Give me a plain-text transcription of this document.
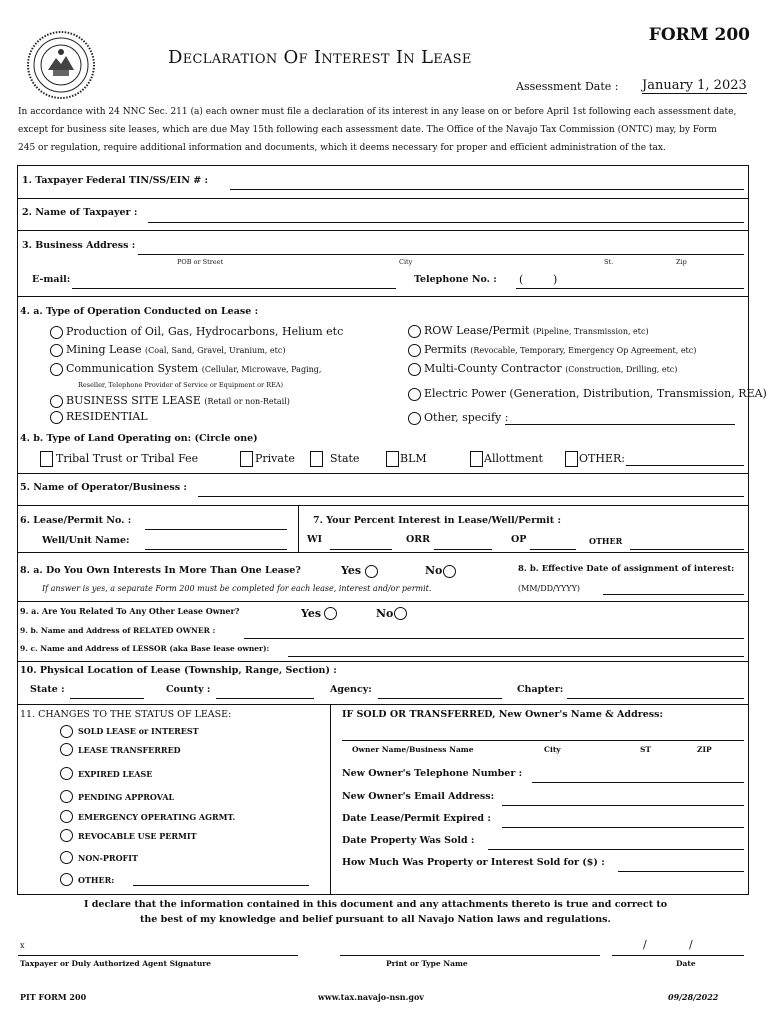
FORM 200
Declaration Of Interest In Lease
Assessment Date : January 1, 2023
In accordance with 24 NNC Sec. 211 (a) each owner must file a declaration of its interest in any lease on or before April 1st following each assessment date,
except for business site leases, which are due May 15th following each assessment date. The Office of the Navajo Tax Commission (ONTC) may, by Form
245 or regulation, require additional information and documents, which it deems necessary for proper and efficient administration of the tax.
1. Taxpayer Federal TIN/SS/EIN # :
2. Name of Taxpayer :
3. Business Address :
POB or Street	City	St.	Zip
E-mail:	Telephone No. : (	)
4. a. Type of Operation Conducted on Lease :
Production of Oil, Gas, Hydrocarbons, Helium etc
Mining Lease (Coal, Sand, Gravel, Uranium, etc)
Communication System (Cellular, Microwave, Paging,
Reseller, Telephone Provider of Service or Equipment or REA)
BUSINESS SITE LEASE (Retail or non-Retail)
RESIDENTIAL
ROW Lease/Permit (Pipeline, Transmission, etc)
Permits (Revocable, Temporary, Emergency Op Agreement, etc)
Multi-County Contractor (Construction, Drilling, etc)
Electric Power (Generation, Distribution, Transmission, REA)
Other, specify :
4. b. Type of Land Operating on: (Circle one)
Tribal Trust or Tribal Fee	Private	State	BLM	Allottment	OTHER:
5. Name of Operator/Business :
6. Lease/Permit No. :
Well/Unit Name:
7. Your Percent Interest in Lease/Well/Permit :
WI	ORR	OP	OTHER
8. a. Do You Own Interests In More Than One Lease?	Yes	No
If answer is yes, a separate Form 200 must be completed for each lease, interest and/or permit.
8. b. Effective Date of assignment of interest:
(MM/DD/YYYY)
9. a. Are You Related To Any Other Lease Owner?	Yes	No
9. b. Name and Address of RELATED OWNER :
9. c. Name and Address of LESSOR (aka Base lease owner):
10. Physical Location of Lease (Township, Range, Section) :
State :	County :	Agency:	Chapter:
11. CHANGES TO THE STATUS OF LEASE:
SOLD LEASE or INTEREST
LEASE TRANSFERRED
EXPIRED LEASE
PENDING APPROVAL
EMERGENCY OPERATING AGRMT.
REVOCABLE USE PERMIT
NON-PROFIT
OTHER:
IF SOLD OR TRANSFERRED, New Owner's Name & Address:
Owner Name/Business Name	City	ST	ZIP
New Owner's Telephone Number :
New Owner's Email Address:
Date Lease/Permit Expired :
Date Property Was Sold :
How Much Was Property or Interest Sold for ($) :
I declare that the information contained in this document and any attachments thereto is true and correct to
the best of my knowledge and belief pursuant to all Navajo Nation laws and regulations.
x	/	/
Taxpayer or Duly Authorized Agent Signature	Print or Type Name	Date
PIT FORM 200	www.tax.navajo-nsn.gov	09/28/2022
